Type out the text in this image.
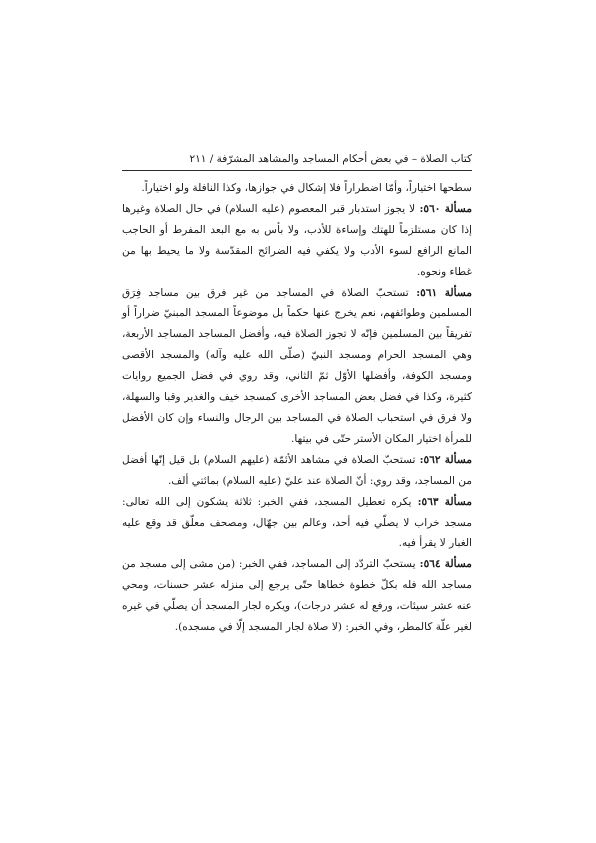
كتاب الصلاة – في بعض أحكام المساجد والمشاهد المشرّفة / ٢١١

سطحها اختياراً، وأمّا اضطراراً فلا إشكال في جوازها، وكذا النافلة ولو اختياراً.

مسألة ٥٦٠: لا يجوز استدبار قبر المعصوم (عليه السلام) في حال الصلاة وغيرها إذا كان مستلزماً للهتك وإساءة للأدب، ولا بأس به مع البعد المفرط أو الحاجب المانع الرافع لسوء الأدب ولا يكفي فيه الضرائح المقدّسة ولا ما يحيط بها من غطاء ونحوه.

مسألة ٥٦١: تستحبّ الصلاة في المساجد من غير فرق بين مساجد فِرَق المسلمين وطوائفهم، نعم يخرج عنها حكماً بل موضوعاً المسجد المبنيّ ضراراً أو تفريقاً بين المسلمين فإنّه لا تجوز الصلاة فيه، وأفضل المساجد المساجد الأربعة، وهي المسجد الحرام ومسجد النبيّ (صلّى الله عليه وآله) والمسجد الأقصى ومسجد الكوفة، وأفضلها الأوّل ثمّ الثاني، وقد روي في فضل الجميع روايات كثيرة، وكذا في فضل بعض المساجد الأخرى كمسجد خيف والغدير وقبا والسهلة، ولا فرق في استحباب الصلاة في المساجد بين الرجال والنساء وإن كان الأفضل للمرأة اختيار المكان الأستر حتّى في بيتها.

مسألة ٥٦٢: تستحبّ الصلاة في مشاهد الأئمّة (عليهم السلام) بل قيل إنّها أفضل من المساجد، وقد روي: أنّ الصلاة عند عليّ (عليه السلام) بمائتي ألف.

مسألة ٥٦٣: يكره تعطيل المسجد، ففي الخبر: ثلاثة يشكون إلى الله تعالى: مسجد خراب لا يصلّي فيه أحد، وعالم بين جهّال، ومصحف معلّق قد وقع عليه الغبار لا يقرأ فيه.

مسألة ٥٦٤: يستحبّ التردّد إلى المساجد، ففي الخبر: (من مشى إلى مسجد من مساجد الله فله بكلّ خطوة خطاها حتّى يرجع إلى منزله عشر حسنات، ومحي عنه عشر سيئات، ورفع له عشر درجات)، ويكره لجار المسجد أن يصلّي في غيره لغير علّة كالمطر، وفي الخبر: (لا صلاة لجار المسجد إلّا في مسجده).
